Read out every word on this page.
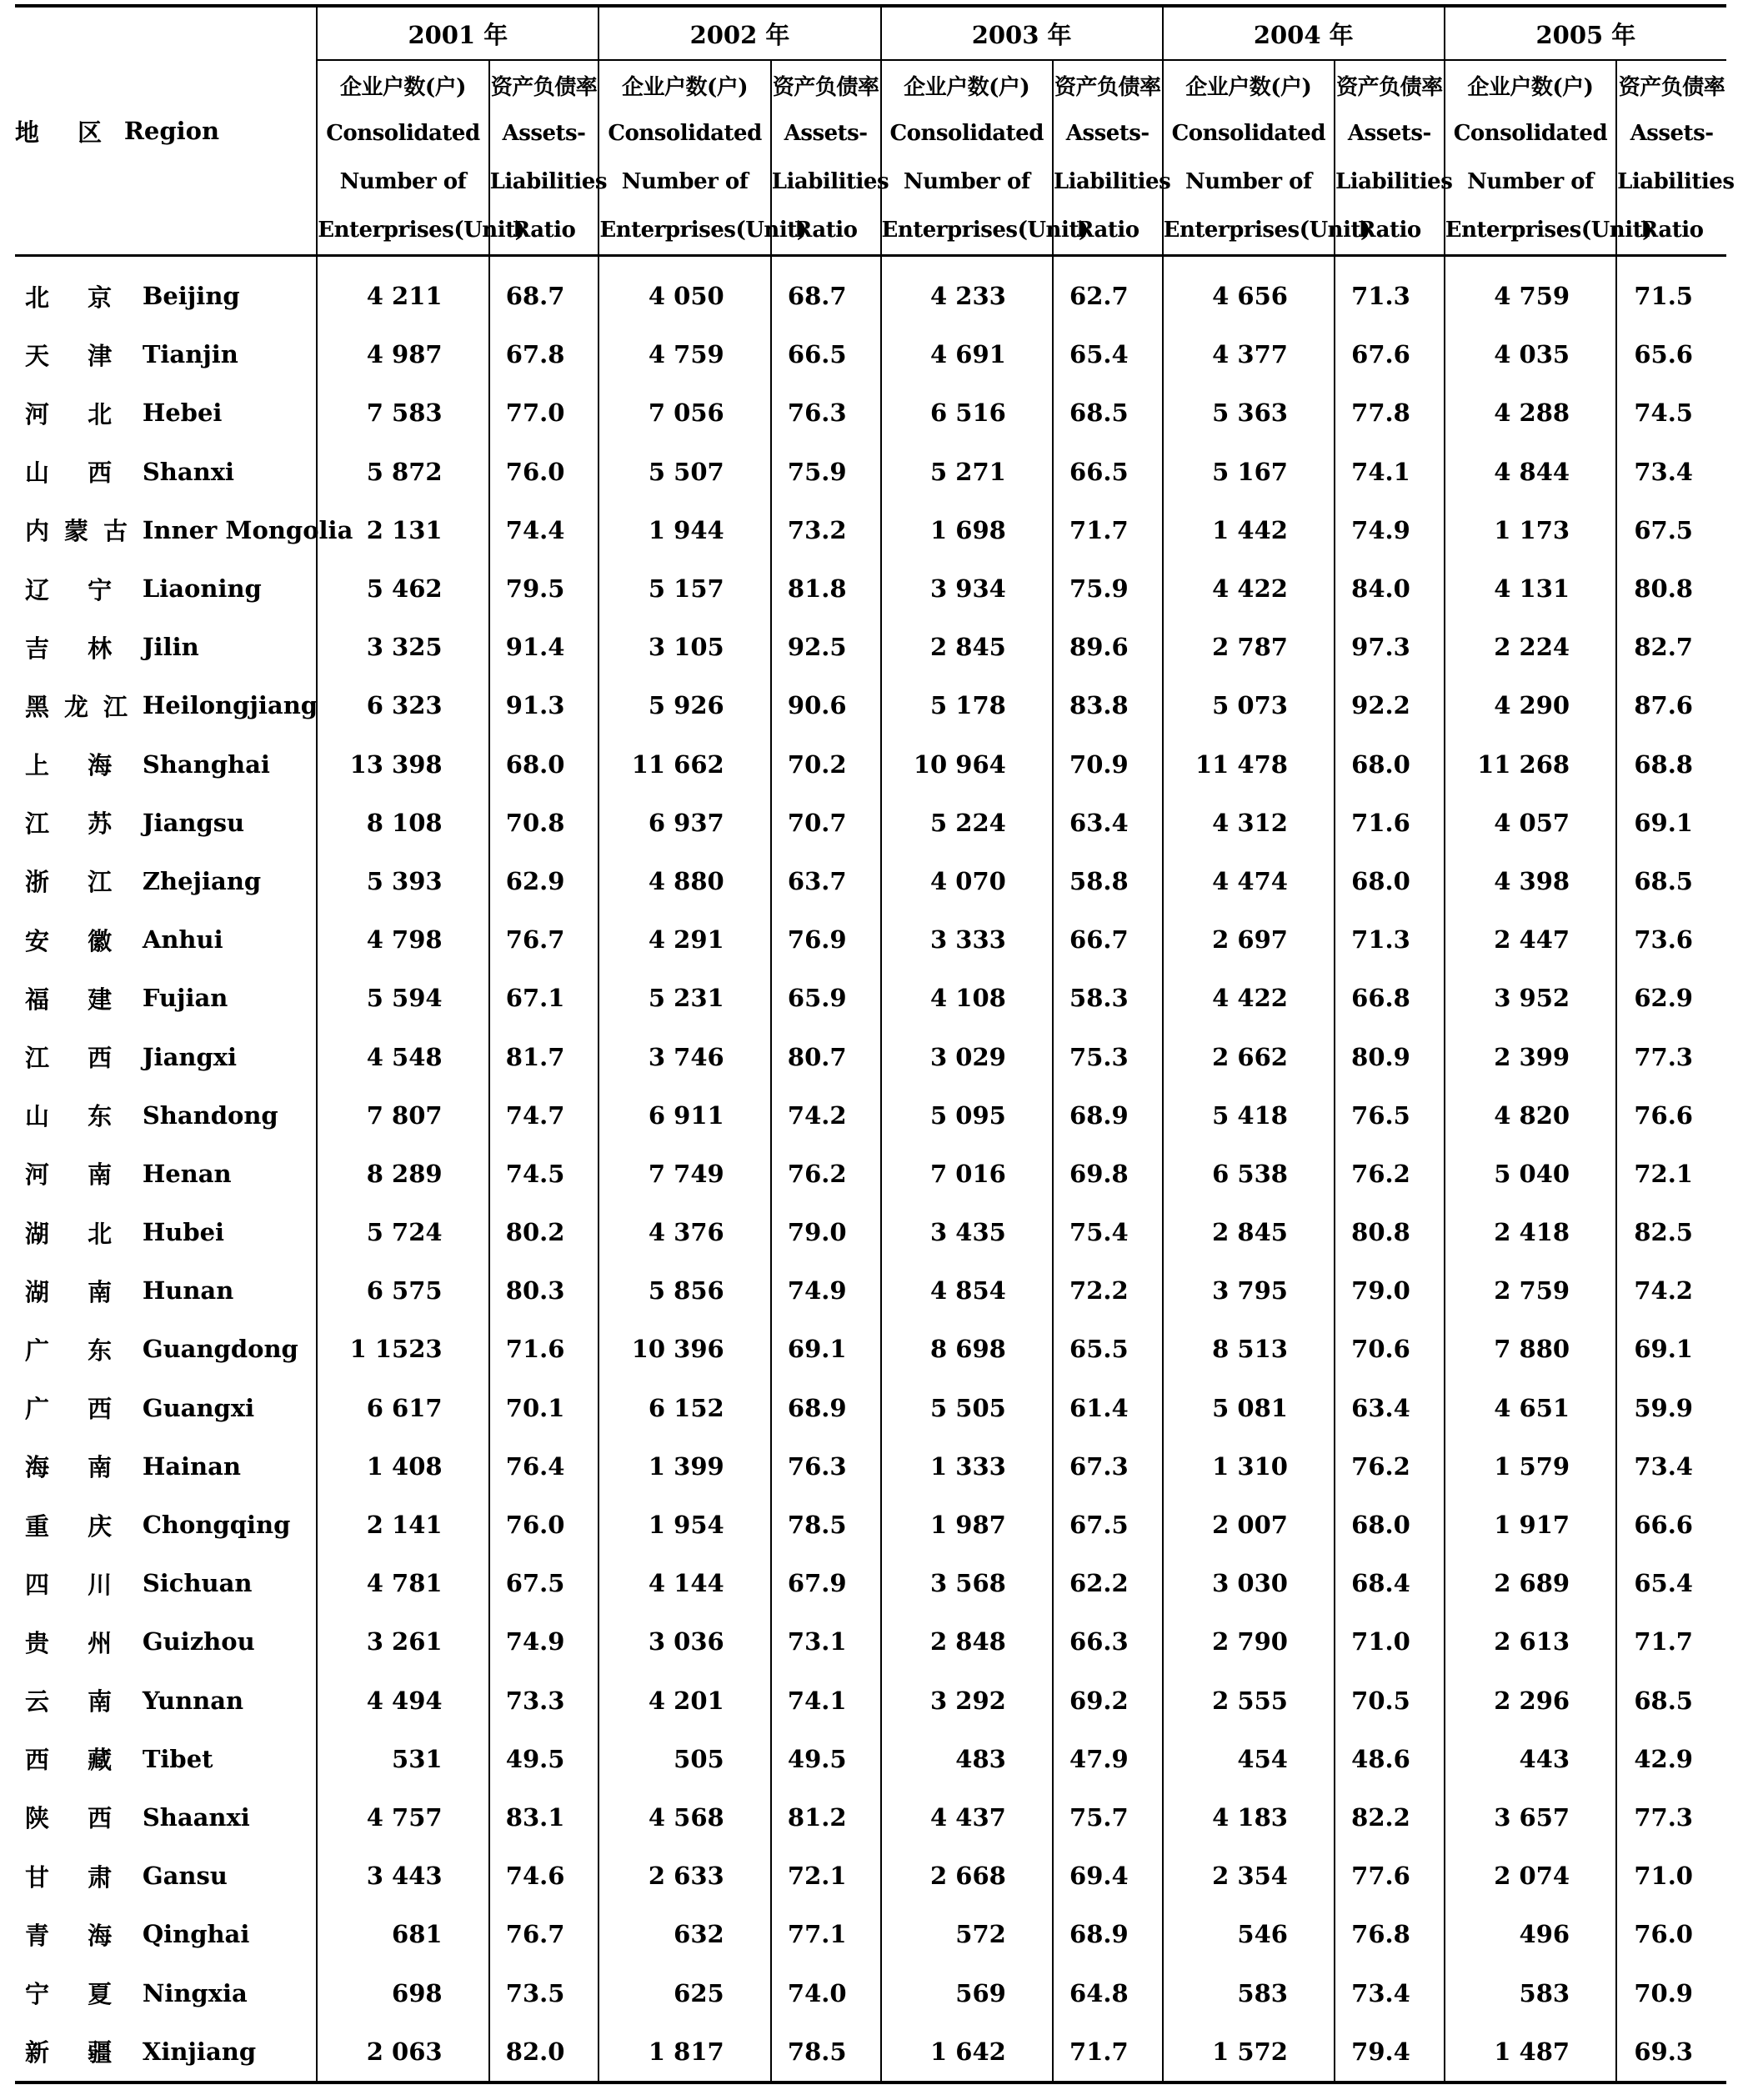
地 区	Region	2001 年		2002 年		2003 年		2004 年		2005 年	
		企业户数(户)	资产负债率	企业户数(户)	资产负债率	企业户数(户)	资产负债率	企业户数(户)	资产负债率	企业户数(户)	资产负债率
		Consolidated	Assets-	Consolidated	Assets-	Consolidated	Assets-	Consolidated	Assets-	Consolidated	Assets-
		Number of	Liabilities	Number of	Liabilities	Number of	Liabilities	Number of	Liabilities	Number of	Liabilities
		Enterprises(Unit)	Ratio	Enterprises(Unit)	Ratio	Enterprises(Unit)	Ratio	Enterprises(Unit)	Ratio	Enterprises(Unit)	Ratio
北 京	Beijing	4 211	68.7	4 050	68.7	4 233	62.7	4 656	71.3	4 759	71.5
天 津	Tianjin	4 987	67.8	4 759	66.5	4 691	65.4	4 377	67.6	4 035	65.6
河 北	Hebei	7 583	77.0	7 056	76.3	6 516	68.5	5 363	77.8	4 288	74.5
山 西	Shanxi	5 872	76.0	5 507	75.9	5 271	66.5	5 167	74.1	4 844	73.4
内蒙古	Inner Mongolia	2 131	74.4	1 944	73.2	1 698	71.7	1 442	74.9	1 173	67.5
辽 宁	Liaoning	5 462	79.5	5 157	81.8	3 934	75.9	4 422	84.0	4 131	80.8
吉 林	Jilin	3 325	91.4	3 105	92.5	2 845	89.6	2 787	97.3	2 224	82.7
黑龙江	Heilongjiang	6 323	91.3	5 926	90.6	5 178	83.8	5 073	92.2	4 290	87.6
上 海	Shanghai	13 398	68.0	11 662	70.2	10 964	70.9	11 478	68.0	11 268	68.8
江 苏	Jiangsu	8 108	70.8	6 937	70.7	5 224	63.4	4 312	71.6	4 057	69.1
浙 江	Zhejiang	5 393	62.9	4 880	63.7	4 070	58.8	4 474	68.0	4 398	68.5
安 徽	Anhui	4 798	76.7	4 291	76.9	3 333	66.7	2 697	71.3	2 447	73.6
福 建	Fujian	5 594	67.1	5 231	65.9	4 108	58.3	4 422	66.8	3 952	62.9
江 西	Jiangxi	4 548	81.7	3 746	80.7	3 029	75.3	2 662	80.9	2 399	77.3
山 东	Shandong	7 807	74.7	6 911	74.2	5 095	68.9	5 418	76.5	4 820	76.6
河 南	Henan	8 289	74.5	7 749	76.2	7 016	69.8	6 538	76.2	5 040	72.1
湖 北	Hubei	5 724	80.2	4 376	79.0	3 435	75.4	2 845	80.8	2 418	82.5
湖 南	Hunan	6 575	80.3	5 856	74.9	4 854	72.2	3 795	79.0	2 759	74.2
广 东	Guangdong	1 1523	71.6	10 396	69.1	8 698	65.5	8 513	70.6	7 880	69.1
广 西	Guangxi	6 617	70.1	6 152	68.9	5 505	61.4	5 081	63.4	4 651	59.9
海 南	Hainan	1 408	76.4	1 399	76.3	1 333	67.3	1 310	76.2	1 579	73.4
重 庆	Chongqing	2 141	76.0	1 954	78.5	1 987	67.5	2 007	68.0	1 917	66.6
四 川	Sichuan	4 781	67.5	4 144	67.9	3 568	62.2	3 030	68.4	2 689	65.4
贵 州	Guizhou	3 261	74.9	3 036	73.1	2 848	66.3	2 790	71.0	2 613	71.7
云 南	Yunnan	4 494	73.3	4 201	74.1	3 292	69.2	2 555	70.5	2 296	68.5
西 藏	Tibet	531	49.5	505	49.5	483	47.9	454	48.6	443	42.9
陕 西	Shaanxi	4 757	83.1	4 568	81.2	4 437	75.7	4 183	82.2	3 657	77.3
甘 肃	Gansu	3 443	74.6	2 633	72.1	2 668	69.4	2 354	77.6	2 074	71.0
青 海	Qinghai	681	76.7	632	77.1	572	68.9	546	76.8	496	76.0
宁 夏	Ningxia	698	73.5	625	74.0	569	64.8	583	73.4	583	70.9
新 疆	Xinjiang	2 063	82.0	1 817	78.5	1 642	71.7	1 572	79.4	1 487	69.3
